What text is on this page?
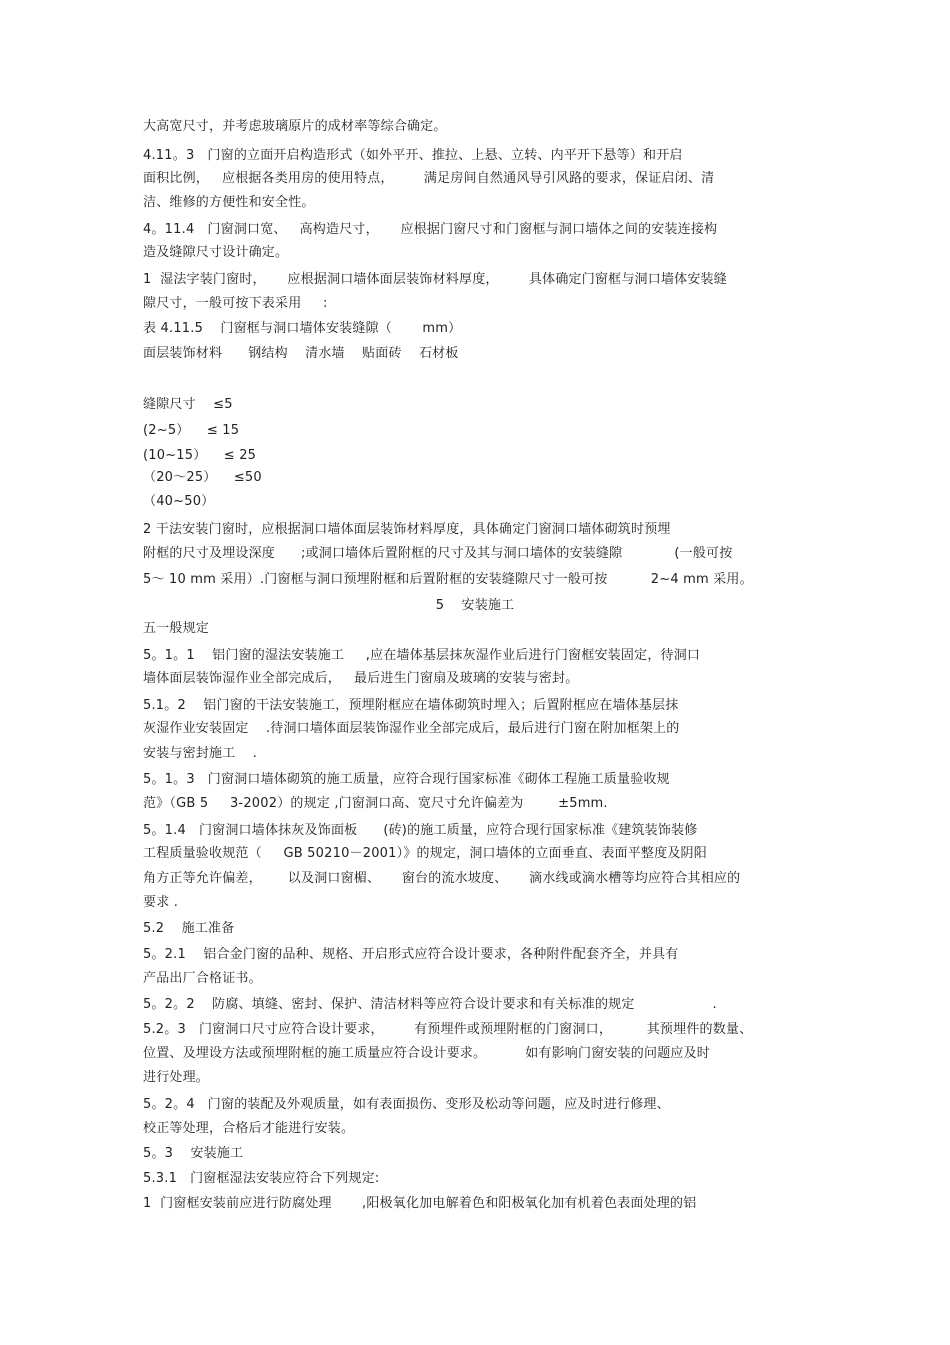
大高宽尺寸，并考虑玻璃原片的成材率等综合确定。
4.11。3   门窗的立面开启构造形式（如外平开、推拉、上悬、立转、内平开下悬等）和开启
面积比例，   应根据各类用房的使用特点，       满足房间自然通风导引风路的要求，保证启闭、清
洁、维修的方便性和安全性。
4。11.4   门窗洞口宽、   高构造尺寸，     应根据门窗尺寸和门窗框与洞口墙体之间的安装连接构
造及缝隙尺寸设计确定。
1  湿法字装门窗时，     应根据洞口墙体面层装饰材料厚度，       具体确定门窗框与洞口墙体安装缝
隙尺寸，一般可按下表采用     :
表 4.11.5    门窗框与洞口墙体安装缝隙（       mm）
面层装饰材料      钢结构    清水墙    贴面砖    石材板
缝隙尺寸    ≤5
(2~5）    ≤ 15
(10~15）    ≤ 25
（20～25）    ≤50
（40~50）
2 干法安装门窗时，应根据洞口墙体面层装饰材料厚度，具体确定门窗洞口墙体砌筑时预埋
附框的尺寸及埋设深度      ;或洞口墙体后置附框的尺寸及其与洞口墙体的安装缝隙            (一般可按
5～ 10 mm 采用）.门窗框与洞口预埋附框和后置附框的安装缝隙尺寸一般可按          2~4 mm 采用。
5    安装施工
五一般规定
5。1。1    铝门窗的湿法安装施工     ,应在墙体基层抹灰湿作业后进行门窗框安装固定，待洞口
墙体面层装饰湿作业全部完成后，   最后进生门窗扇及玻璃的安装与密封。
5.1。2    铝门窗的干法安装施工，预埋附框应在墙体砌筑时埋入；后置附框应在墙体基层抹
灰湿作业安装固定    .待洞口墙体面层装饰湿作业全部完成后，最后进行门窗在附加框架上的
安装与密封施工    .
5。1。3   门窗洞口墙体砌筑的施工质量，应符合现行国家标准《砌体工程施工质量验收规
范》（GB 5     3-2002）的规定 ,门窗洞口高、宽尺寸允许偏差为        ±5mm.
5。1.4   门窗洞口墙体抹灰及饰面板      (砖)的施工质量，应符合现行国家标准《建筑装饰装修
工程质量验收规范（     GB 50210－2001）》的规定，洞口墙体的立面垂直、表面平整度及阴阳
角方正等允许偏差，      以及洞口窗楣、     窗台的流水坡度、     滴水线或滴水槽等均应符合其相应的
要求 .
5.2    施工准备
5。2.1    铝合金门窗的品种、规格、开启形式应符合设计要求，各种附件配套齐全，并具有
产品出厂合格证书。
5。2。2    防腐、填缝、密封、保护、清洁材料等应符合设计要求和有关标准的规定                  .
5.2。3   门窗洞口尺寸应符合设计要求，       有预埋件或预埋附框的门窗洞口，        其预埋件的数量、
位置、及埋设方法或预埋附框的施工质量应符合设计要求。         如有影响门窗安装的问题应及时
进行处理。
5。2。4   门窗的装配及外观质量，如有表面损伤、变形及松动等问题，应及时进行修理、
校正等处理，合格后才能进行安装。
5。3    安装施工
5.3.1   门窗框湿法安装应符合下列规定:
1  门窗框安装前应进行防腐处理       ,阳极氧化加电解着色和阳极氧化加有机着色表面处理的铝
